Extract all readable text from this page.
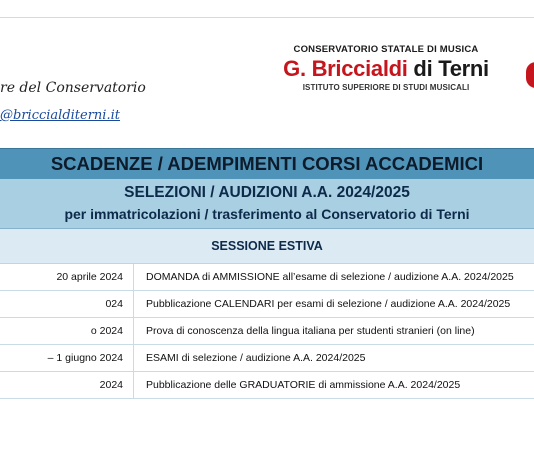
re del Conservatorio
@briccialditerni.it
CONSERVATORIO STATALE DI MUSICA
G. Briccialdi di Terni
ISTITUTO SUPERIORE DI STUDI MUSICALI
SCADENZE / ADEMPIMENTI CORSI ACCADEMICI
SELEZIONI / AUDIZIONI A.A. 2024/2025
per immatricolazioni / trasferimento al Conservatorio di Terni
SESSIONE ESTIVA
20 aprile 2024	DOMANDA di AMMISSIONE all’esame di selezione / audizione A.A. 2024/2025
024	Pubblicazione CALENDARI per esami di selezione / audizione A.A. 2024/2025
o 2024	Prova di conoscenza della lingua italiana per studenti stranieri (on line)
– 1 giugno 2024	ESAMI di selezione / audizione A.A. 2024/2025
2024	Pubblicazione delle GRADUATORIE di ammissione A.A. 2024/2025
